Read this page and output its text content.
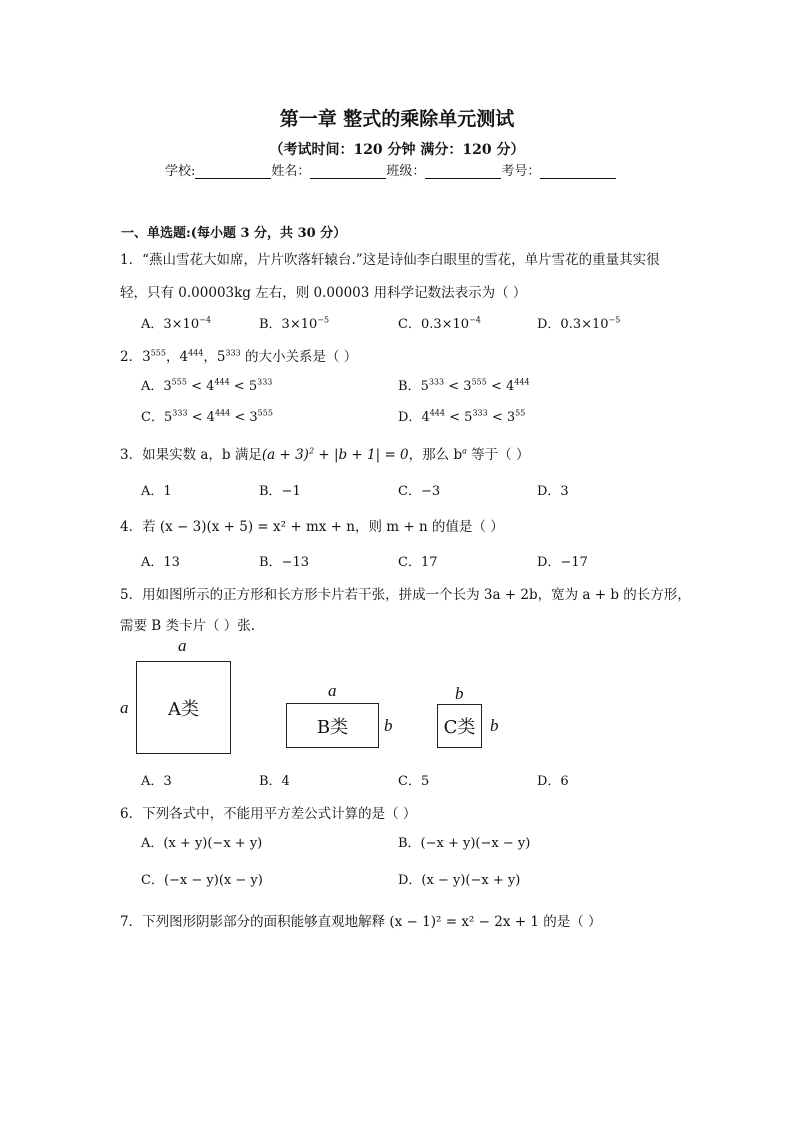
第一章 整式的乘除单元测试
（考试时间：120 分钟 满分：120 分）
学校:	姓名：	班级：	考号：
一、单选题:(每小题 3 分，共 30 分）
1．“燕山雪花大如席，片片吹落轩辕台.”这是诗仙李白眼里的雪花，单片雪花的重量其实很
轻，只有 0.00003kg 左右，则 0.00003 用科学记数法表示为（ ）
A．$3\times 10^{-4}$	B．$3\times 10^{-5}$	C．$0.3\times 10^{-4}$	D．$0.3\times 10^{-5}$
2．$3^{555}$，$4^{444}$，$5^{333}$ 的大小关系是（ ）
A．$3^{555} < 4^{444} < 5^{333}$	B．$5^{333} < 3^{555} < 4^{444}$
C．$5^{333} < 4^{444} < 3^{555}$	D．$4^{444} < 5^{333} < 3^{55}$
3．如果实数 a，b 满足$(a + 3)^2 + |b + 1| = 0$，那么 $b^a$ 等于（ ）
A．1	B．−1	C．−3	D．3
4．若 (x − 3)(x + 5) = x² + mx + n，则 m + n 的值是（ ）
A．13	B．−13	C．17	D．−17
5．用如图所示的正方形和长方形卡片若干张，拼成一个长为 3a + 2b，宽为 a + b 的长方形，
需要 B 类卡片（ ）张.
a
a A类
a
B类 b
b
C类 b
A．3	B．4	C．5	D．6
6．下列各式中，不能用平方差公式计算的是（ ）
A．(x + y)(−x + y)	B．(−x + y)(−x − y)
C．(−x − y)(x − y)	D．(x − y)(−x + y)
7．下列图形阴影部分的面积能够直观地解释 (x − 1)² = x² − 2x + 1 的是（ ）
